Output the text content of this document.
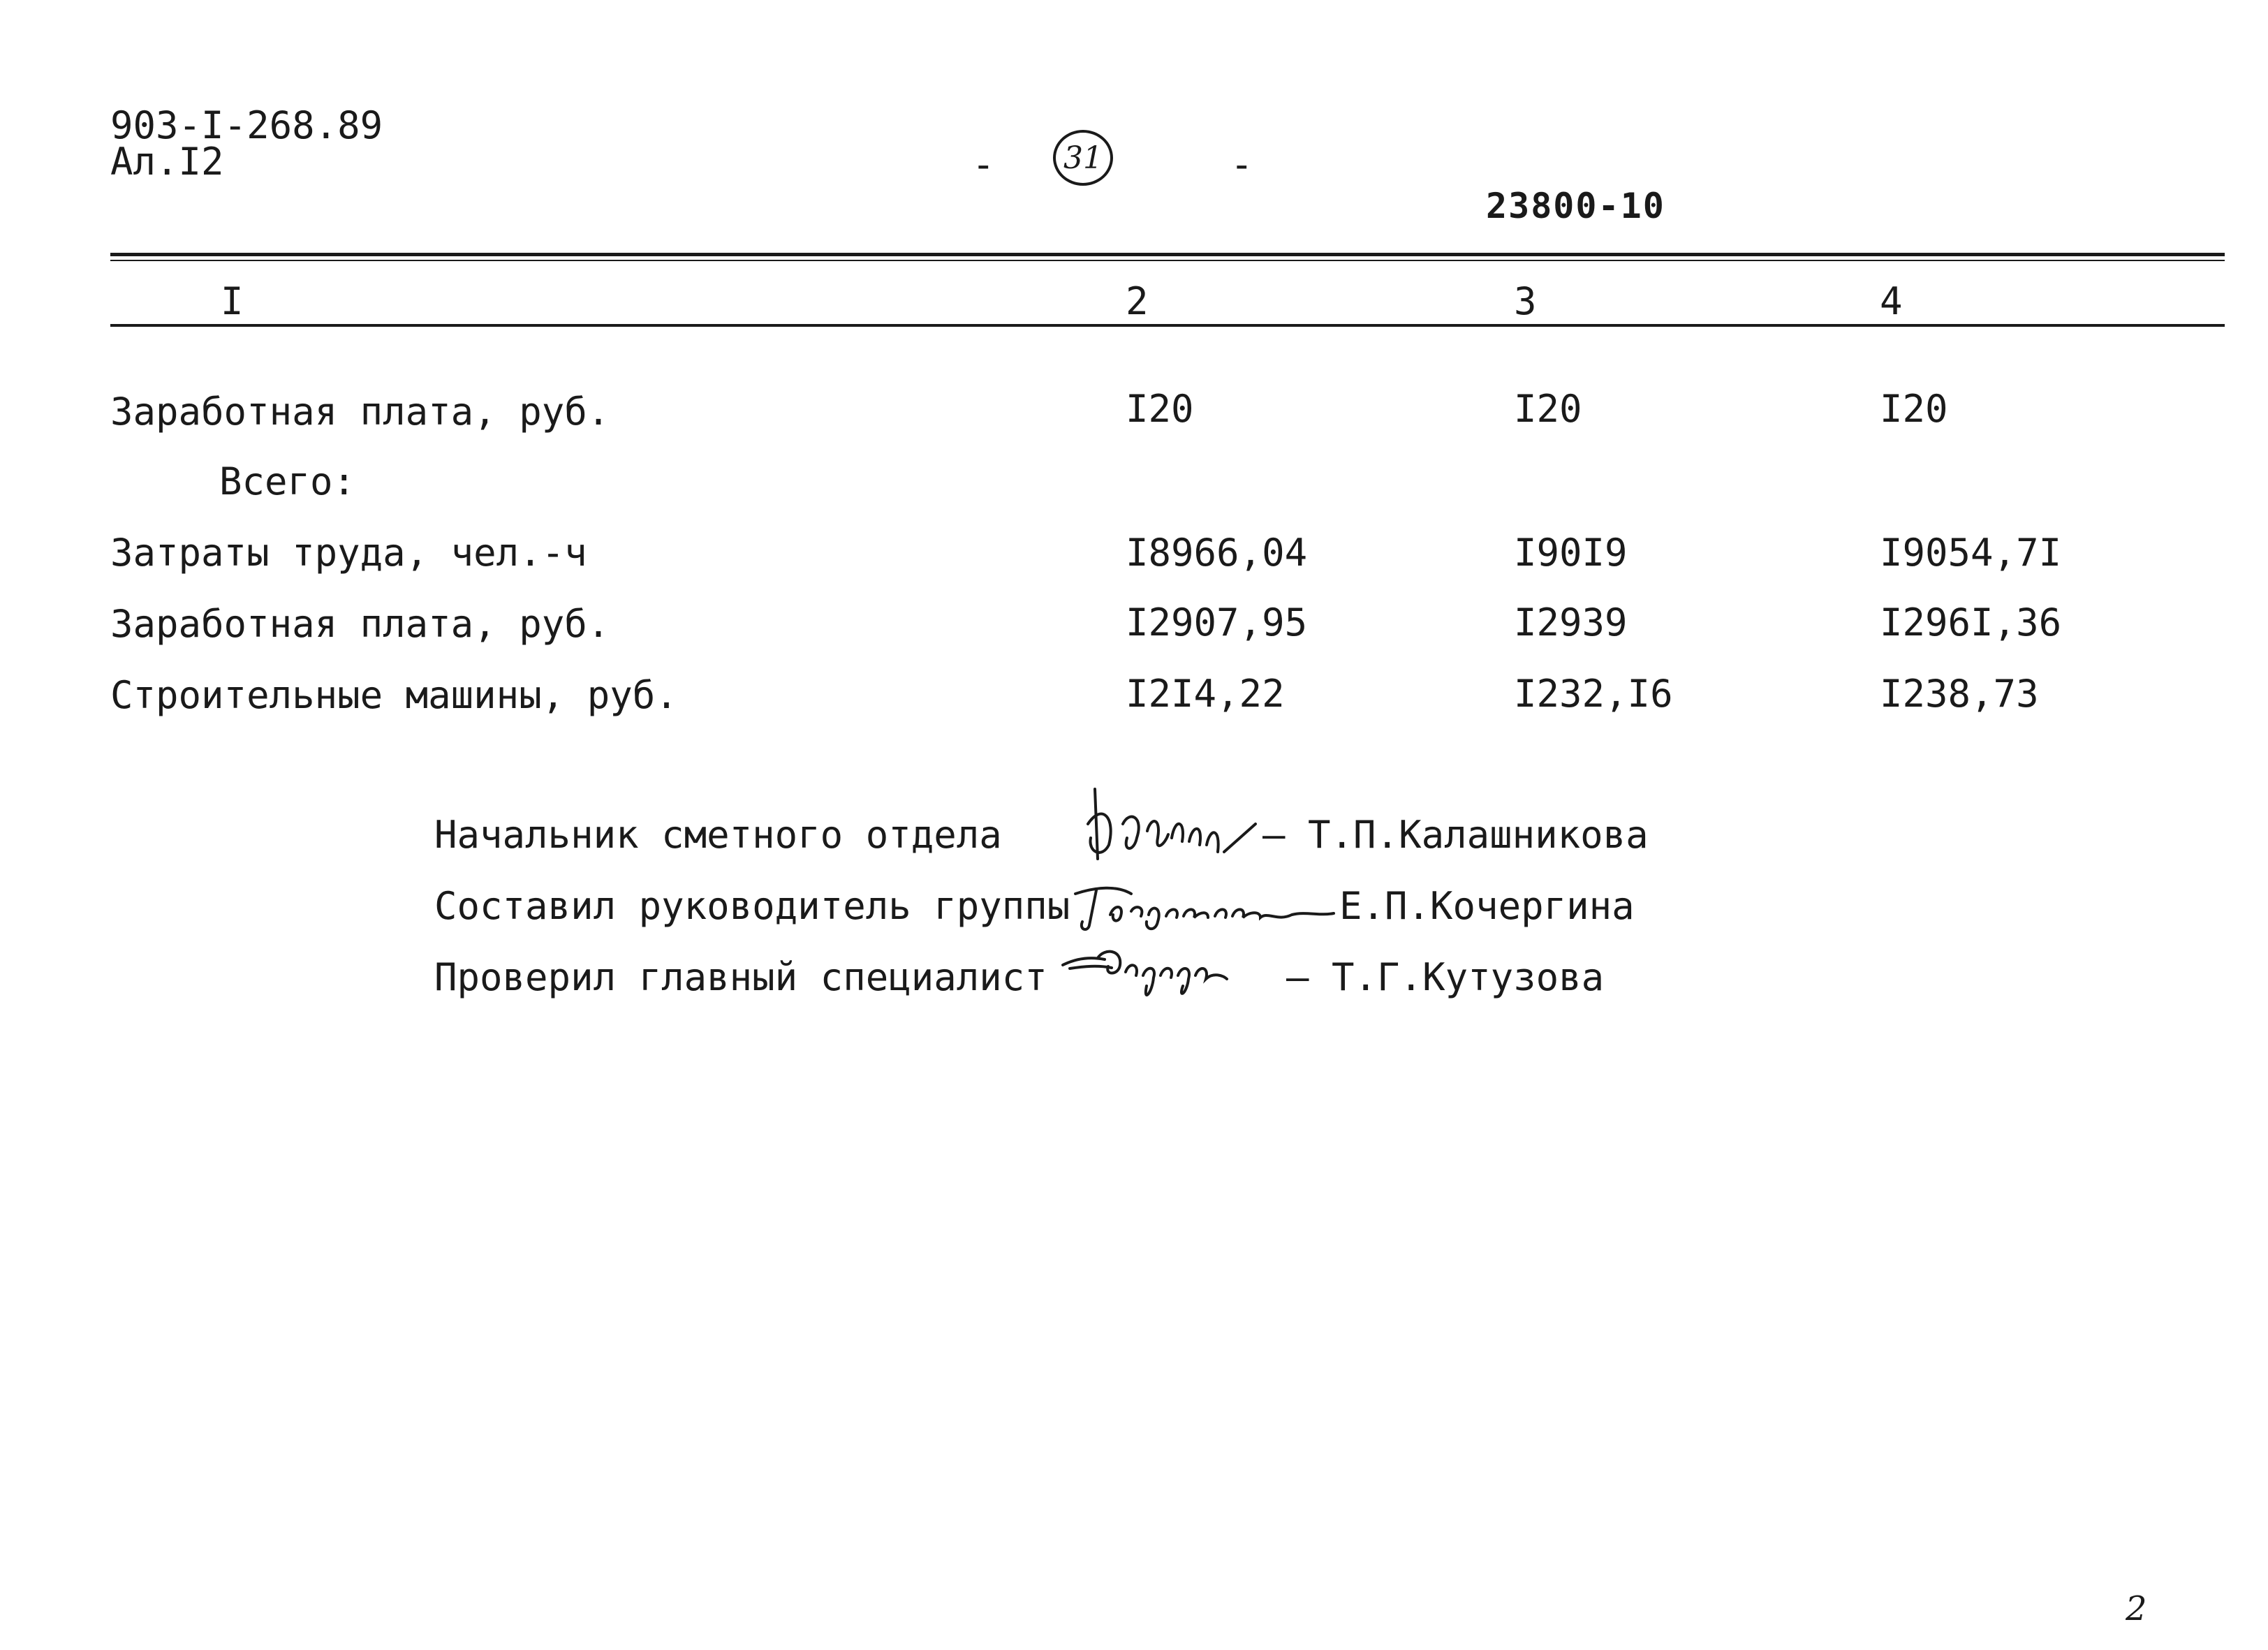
903-I-268.89
Ал.I2	- 31	-
23800-10
I	2	3	4
Заработная плата, руб.	I20	I20	I20
Всего:
Затраты труда, чел.-ч	I8966,04	I90I9	I9054,7I
Заработная плата, руб.	I2907,95	I2939	I296I,36
Строительные машины, руб.	I2I4,22	I232,I6	I238,73
Начальник сметного отдела	– Т.П.Калашникова
Составил руководитель группы	Е.П.Кочергина
Проверил главный специалист	– Т.Г.Кутузова
2
